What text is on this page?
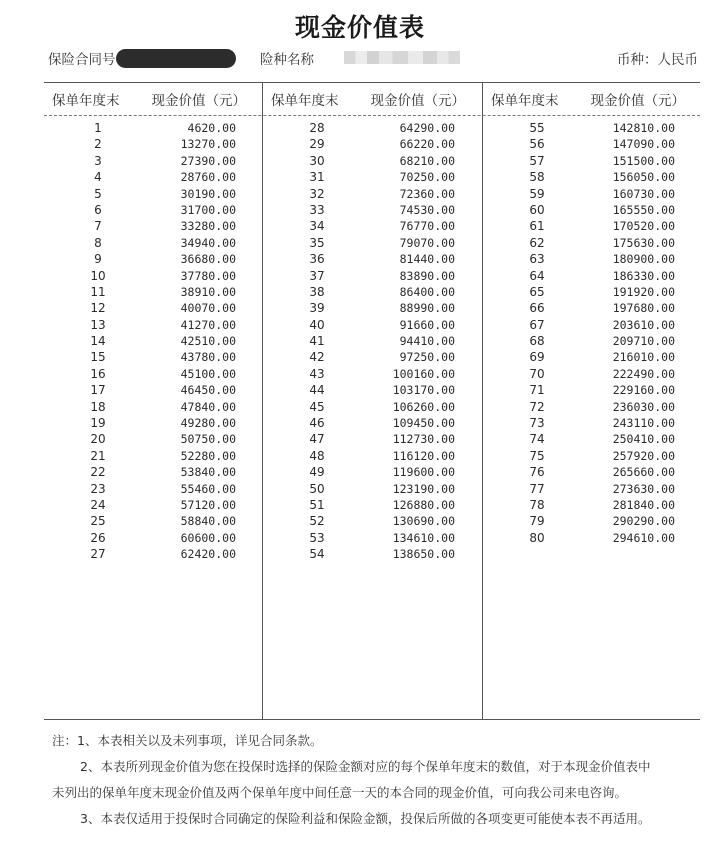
现金价值表
保险合同号	险种名称	币种：人民币
保单年度末 现金价值（元）
1	4620.00
2	13270.00
3	27390.00
4	28760.00
5	30190.00
6	31700.00
7	33280.00
8	34940.00
9	36680.00
10	37780.00
11	38910.00
12	40070.00
13	41270.00
14	42510.00
15	43780.00
16	45100.00
17	46450.00
18	47840.00
19	49280.00
20	50750.00
21	52280.00
22	53840.00
23	55460.00
24	57120.00
25	58840.00
26	60600.00
27	62420.00
保单年度末 现金价值（元）
28	64290.00
29	66220.00
30	68210.00
31	70250.00
32	72360.00
33	74530.00
34	76770.00
35	79070.00
36	81440.00
37	83890.00
38	86400.00
39	88990.00
40	91660.00
41	94410.00
42	97250.00
43	100160.00
44	103170.00
45	106260.00
46	109450.00
47	112730.00
48	116120.00
49	119600.00
50	123190.00
51	126880.00
52	130690.00
53	134610.00
54	138650.00
保单年度末 现金价值（元）
55	142810.00
56	147090.00
57	151500.00
58	156050.00
59	160730.00
60	165550.00
61	170520.00
62	175630.00
63	180900.00
64	186330.00
65	191920.00
66	197680.00
67	203610.00
68	209710.00
69	216010.00
70	222490.00
71	229160.00
72	236030.00
73	243110.00
74	250410.00
75	257920.00
76	265660.00
77	273630.00
78	281840.00
79	290290.00
80	294610.00
注：1、本表相关以及未列事项，详见合同条款。
2、本表所列现金价值为您在投保时选择的保险金额对应的每个保单年度末的数值，对于本现金价值表中
未列出的保单年度末现金价值及两个保单年度中间任意一天的本合同的现金价值，可向我公司来电咨询。
3、本表仅适用于投保时合同确定的保险利益和保险金额，投保后所做的各项变更可能使本表不再适用。
